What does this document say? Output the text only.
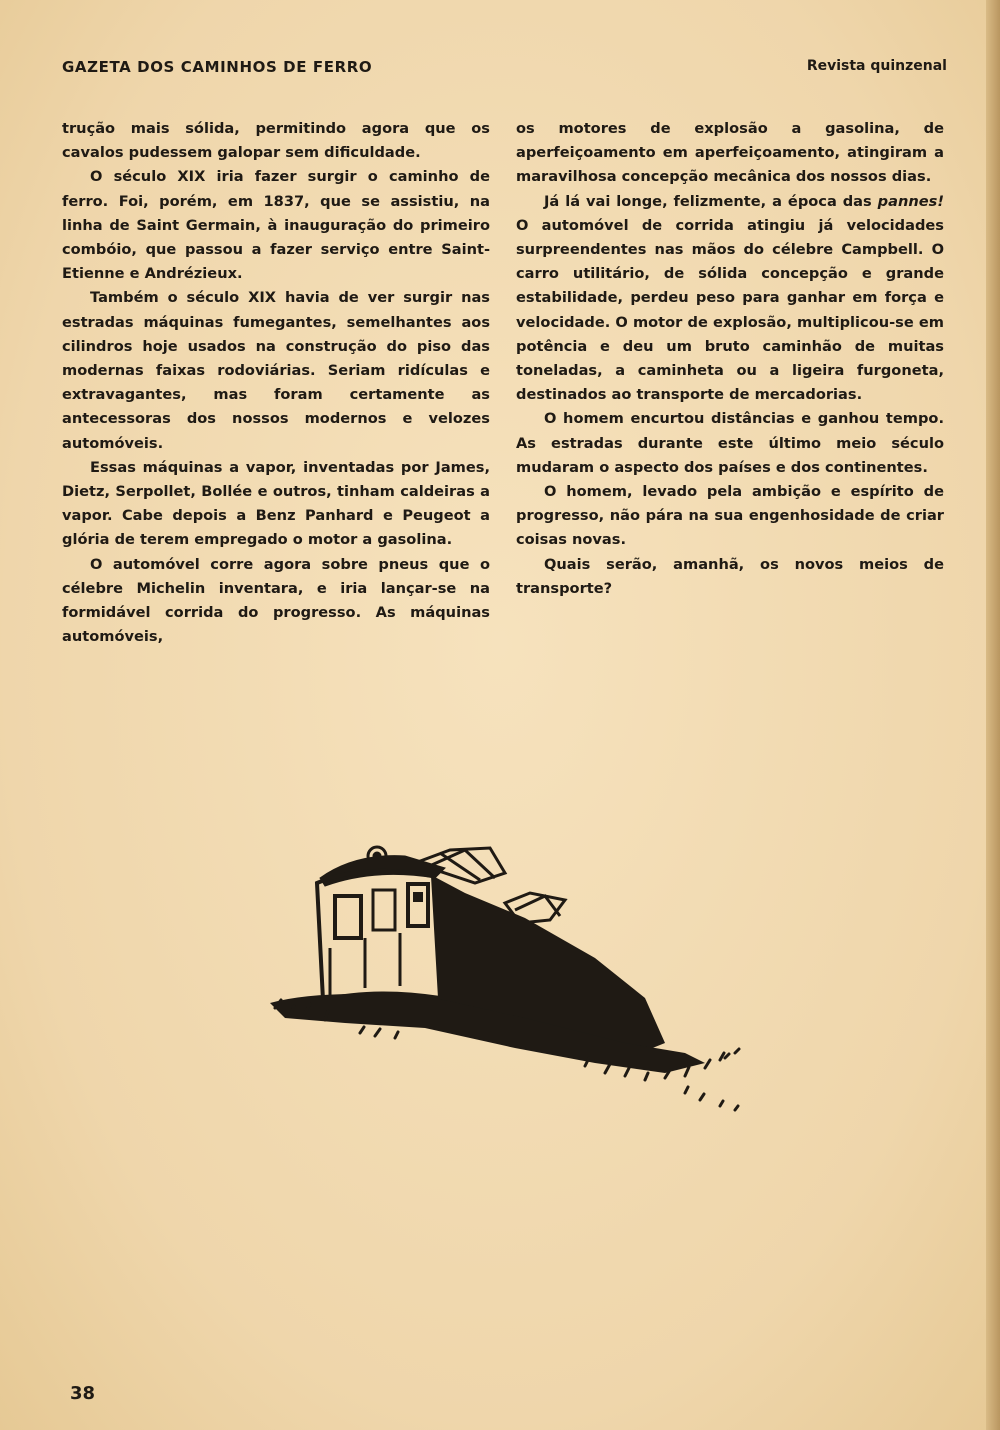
GAZETA DOS CAMINHOS DE FERRO	Revista quinzenal

trução mais sólida, permitindo agora que os cavalos pudessem galopar sem dificuldade.

O século XIX iria fazer surgir o caminho de ferro. Foi, porém, em 1837, que se assistiu, na linha de Saint Germain, à inauguração do primeiro combóio, que passou a fazer serviço entre Saint-Etienne e Andrézieux.

Também o século XIX havia de ver surgir nas estradas máquinas fumegantes, semelhantes aos cilindros hoje usados na construção do piso das modernas faixas rodoviárias. Seriam ridículas e extravagantes, mas foram certamente as antecessoras dos nossos modernos e velozes automóveis.

Essas máquinas a vapor, inventadas por James, Dietz, Serpollet, Bollée e outros, tinham caldeiras a vapor. Cabe depois a Benz Panhard e Peugeot a glória de terem empregado o motor a gasolina.

O automóvel corre agora sobre pneus que o célebre Michelin inventara, e iria lançar-se na formidável corrida do progresso. As máquinas automóveis,

os motores de explosão a gasolina, de aperfeiçoamento em aperfeiçoamento, atingiram a maravilhosa concepção mecânica dos nossos dias.

Já lá vai longe, felizmente, a época das pannes! O automóvel de corrida atingiu já velocidades surpreendentes nas mãos do célebre Campbell. O carro utilitário, de sólida concepção e grande estabilidade, perdeu peso para ganhar em força e velocidade. O motor de explosão, multiplicou-se em potência e deu um bruto caminhão de muitas toneladas, a caminheta ou a ligeira furgoneta, destinados ao transporte de mercadorias.

O homem encurtou distâncias e ganhou tempo. As estradas durante este último meio século mudaram o aspecto dos países e dos continentes.

O homem, levado pela ambição e espírito de progresso, não pára na sua engenhosidade de criar coisas novas.

Quais serão, amanhã, os novos meios de transporte?

38
